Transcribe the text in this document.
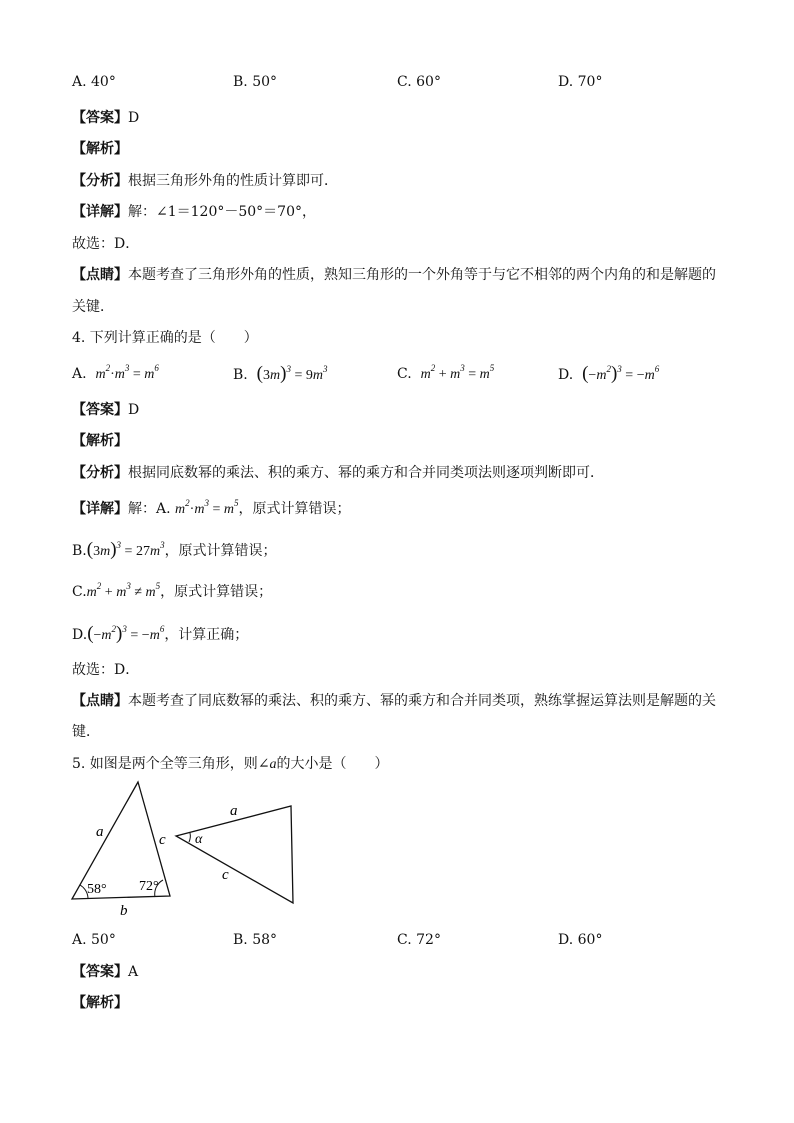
A. 40°	B. 50°	C. 60°	D. 70°
【答案】D
【解析】
【分析】根据三角形外角的性质计算即可．
【详解】解：∠1＝120°－50°＝70°，
故选：D．
【点睛】本题考查了三角形外角的性质，熟知三角形的一个外角等于与它不相邻的两个内角的和是解题的
关键．
4. 下列计算正确的是（　　）
A. $m^2\cdot m^3 = m^6$	B. $(3m)^3 = 9m^3$	C. $m^2 + m^3 = m^5$	D. $(-m^2)^3 = -m^6$
【答案】D
【解析】
【分析】根据同底数幂的乘法、积的乘方、幂的乘方和合并同类项法则逐项判断即可．
【详解】解：A. $m^2\cdot m^3 = m^5$，原式计算错误；
$B.(3m)^3 = 27m^3$，原式计算错误；
$C.m^2 + m^3 \ne m^5$，原式计算错误；
$D.(-m^2)^3 = -m^6$，计算正确；
故选：D．
【点睛】本题考查了同底数幂的乘法、积的乘方、幂的乘方和合并同类项，熟练掌握运算法则是解题的关
键．
5. 如图是两个全等三角形，则∠a的大小是（　　）
a	c
b
58° 72°
a
c
α
A. 50°	B. 58°	C. 72°	D. 60°
【答案】A
【解析】
